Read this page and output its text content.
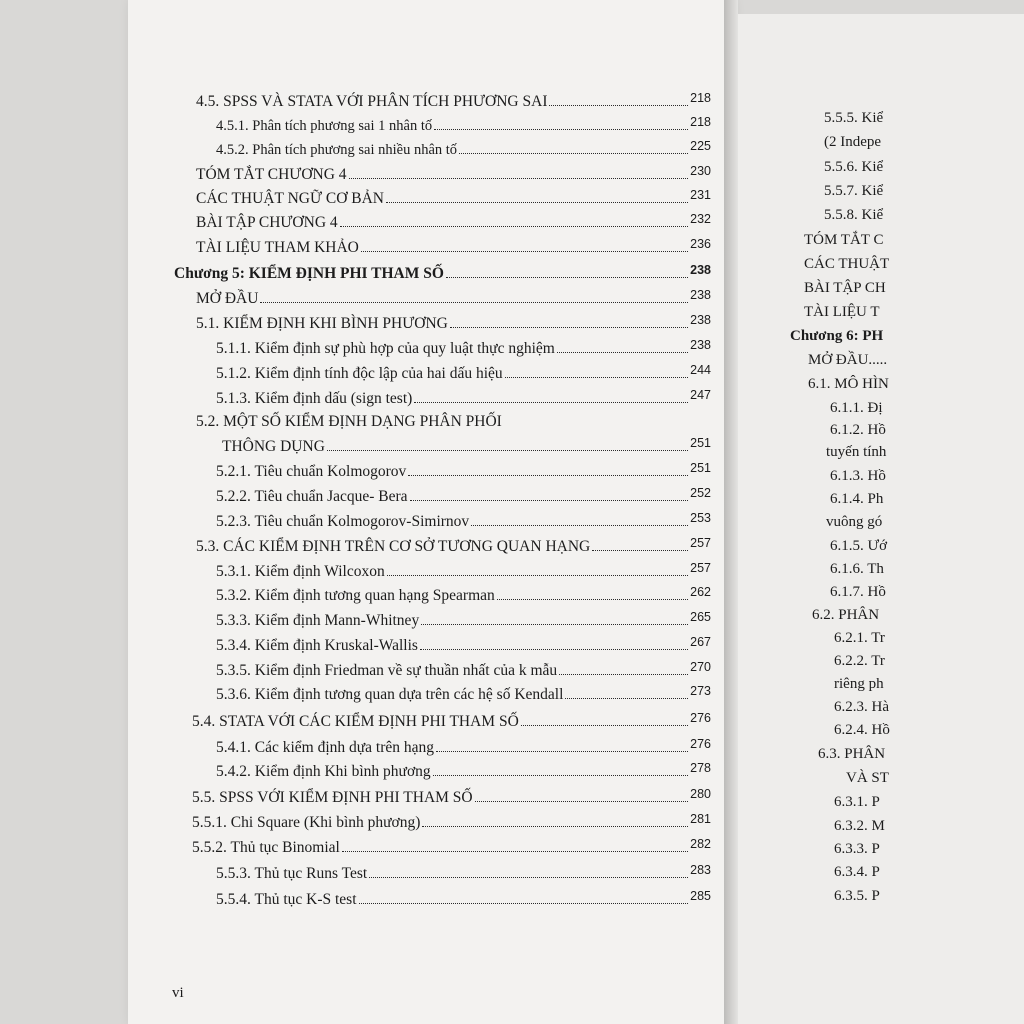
4.5. SPSS VÀ STATA VỚI PHÂN TÍCH PHƯƠNG SAI	218
4.5.1. Phân tích phương sai 1 nhân tố	218
4.5.2. Phân tích phương sai nhiều nhân tố	225
TÓM TẮT CHƯƠNG 4	230
CÁC THUẬT NGỮ CƠ BẢN	231
BÀI TẬP CHƯƠNG 4	232
TÀI LIỆU THAM KHẢO	236
Chương 5: KIỂM ĐỊNH PHI THAM SỐ	238
MỞ ĐẦU	238
5.1. KIỂM ĐỊNH KHI BÌNH PHƯƠNG	238
5.1.1. Kiểm định sự phù hợp của quy luật thực nghiệm	238
5.1.2. Kiểm định tính độc lập của hai dấu hiệu	244
5.1.3. Kiểm định dấu (sign test)	247
5.2. MỘT SỐ KIỂM ĐỊNH DẠNG PHÂN PHỐI
THÔNG DỤNG	251
5.2.1. Tiêu chuẩn Kolmogorov	251
5.2.2. Tiêu chuẩn Jacque- Bera	252
5.2.3. Tiêu chuẩn Kolmogorov-Simirnov	253
5.3. CÁC KIỂM ĐỊNH TRÊN CƠ SỞ TƯƠNG QUAN HẠNG	257
5.3.1. Kiểm định Wilcoxon	257
5.3.2. Kiểm định tương quan hạng Spearman	262
5.3.3. Kiểm định Mann-Whitney	265
5.3.4. Kiểm định Kruskal-Wallis	267
5.3.5. Kiểm định Friedman về sự thuần nhất của k mẫu	270
5.3.6. Kiểm định tương quan dựa trên các hệ số Kendall	273
5.4. STATA VỚI CÁC KIỂM ĐỊNH PHI THAM SỐ	276
5.4.1. Các kiểm định dựa trên hạng	276
5.4.2. Kiểm định Khi bình phương	278
5.5. SPSS VỚI KIỂM ĐỊNH PHI THAM SỐ	280
5.5.1. Chi Square (Khi bình phương)	281
5.5.2. Thủ tục Binomial	282
5.5.3. Thủ tục Runs Test	283
5.5.4. Thủ tục K-S test	285
vi
5.5.5. Kiể
(2 Indepe
5.5.6. Kiể
5.5.7. Kiể
5.5.8. Kiể
TÓM TẮT C
CÁC THUẬT
BÀI TẬP CH
TÀI LIỆU T
Chương 6: PH
MỞ ĐẦU.....
6.1. MÔ HÌN
6.1.1. Đị
6.1.2. Hồ
tuyến tính
6.1.3. Hồ
6.1.4. Ph
vuông gó
6.1.5. Ướ
6.1.6. Th
6.1.7. Hồ
6.2. PHÂN
6.2.1. Tr
6.2.2. Tr
riêng ph
6.2.3. Hà
6.2.4. Hồ
6.3. PHÂN
VÀ ST
6.3.1. P
6.3.2. M
6.3.3. P
6.3.4. P
6.3.5. P
